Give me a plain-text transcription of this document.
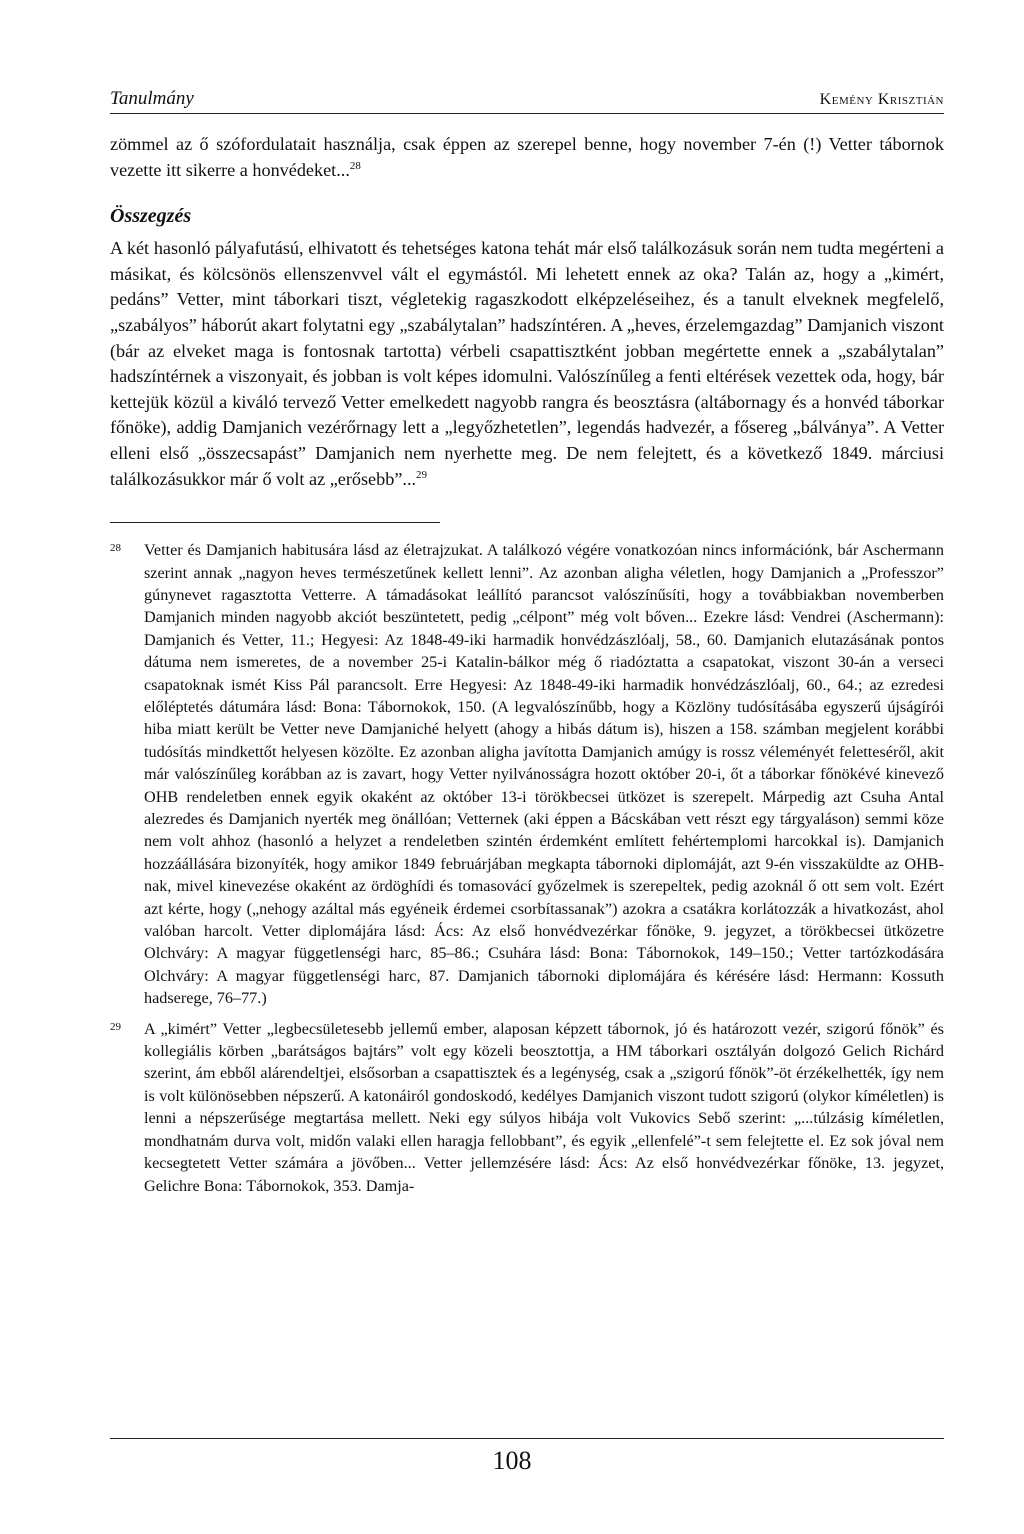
Tanulmány	Kemény Krisztián

zömmel az ő szófordulatait használja, csak éppen az szerepel benne, hogy november 7-én (!) Vetter tábornok vezette itt sikerre a honvédeket...$^{28}$

Összegzés

A két hasonló pályafutású, elhivatott és tehetséges katona tehát már első találkozásuk során nem tudta megérteni a másikat, és kölcsönös ellenszenvvel vált el egymástól. Mi lehetett ennek az oka? Talán az, hogy a „kimért, pedáns” Vetter, mint táborkari tiszt, végletekig ragaszkodott elképzeléseihez, és a tanult elveknek megfelelő, „szabályos” háborút akart folytatni egy „szabálytalan” hadszíntéren. A „heves, érzelemgazdag” Damjanich viszont (bár az elveket maga is fontosnak tartotta) vérbeli csapattisztként jobban megértette ennek a „szabálytalan” hadszíntérnek a viszonyait, és jobban is volt képes idomulni. Valószínűleg a fenti eltérések vezettek oda, hogy, bár kettejük közül a kiváló tervező Vetter emelkedett nagyobb rangra és beosztásra (altábornagy és a honvéd táborkar főnöke), addig Damjanich vezérőrnagy lett a „legyőzhetetlen”, legendás hadvezér, a fősereg „bálványa”. A Vetter elleni első „összecsapást” Damjanich nem nyerhette meg. De nem felejtett, és a következő 1849. márciusi találkozásukkor már ő volt az „erősebb”...$^{29}$

28	Vetter és Damjanich habitusára lásd az életrajzukat. A találkozó végére vonatkozóan nincs információnk, bár Aschermann szerint annak „nagyon heves természetűnek kellett lenni”. Az azonban aligha véletlen, hogy Damjanich a „Professzor” gúnynevet ragasztotta Vetterre. A támadásokat leállító parancsot valószínűsíti, hogy a továbbiakban novemberben Damjanich minden nagyobb akciót beszüntetett, pedig „célpont” még volt bőven... Ezekre lásd: Vendrei (Aschermann): Damjanich és Vetter, 11.; Hegyesi: Az 1848-49-iki harmadik honvédzászlóalj, 58., 60. Damjanich elutazásának pontos dátuma nem ismeretes, de a november 25-i Katalin-bálkor még ő riadóztatta a csapatokat, viszont 30-án a verseci csapatoknak ismét Kiss Pál parancsolt. Erre Hegyesi: Az 1848-49-iki harmadik honvédzászlóalj, 60., 64.; az ezredesi előléptetés dátumára lásd: Bona: Tábornokok, 150. (A legvalószínűbb, hogy a Közlöny tudósításába egyszerű újságírói hiba miatt került be Vetter neve Damjaniché helyett (ahogy a hibás dátum is), hiszen a 158. számban megjelent korábbi tudósítás mindkettőt helyesen közölte. Ez azonban aligha javította Damjanich amúgy is rossz véleményét feletteséről, akit már valószínűleg korábban az is zavart, hogy Vetter nyilvánosságra hozott október 20-i, őt a táborkar főnökévé kinevező OHB rendeletben ennek egyik okaként az október 13-i törökbecsei ütközet is szerepelt. Márpedig azt Csuha Antal alezredes és Damjanich nyerték meg önállóan; Vetternek (aki éppen a Bácskában vett részt egy tárgyaláson) semmi köze nem volt ahhoz (hasonló a helyzet a rendeletben szintén érdemként említett fehértemplomi harcokkal is). Damjanich hozzáállására bizonyíték, hogy amikor 1849 februárjában megkapta tábornoki diplomáját, azt 9-én visszaküldte az OHB-nak, mivel kinevezése okaként az ördöghídi és tomasovácí győzelmek is szerepeltek, pedig azoknál ő ott sem volt. Ezért azt kérte, hogy („nehogy azáltal más egyéneik érdemei csorbítassanak”) azokra a csatákra korlátozzák a hivatkozást, ahol valóban harcolt. Vetter diplomájára lásd: Ács: Az első honvédvezérkar főnöke, 9. jegyzet, a törökbecsei ütközetre Olchváry: A magyar függetlenségi harc, 85–86.; Csuhára lásd: Bona: Tábornokok, 149–150.; Vetter tartózkodására Olchváry: A magyar függetlenségi harc, 87. Damjanich tábornoki diplomájára és kérésére lásd: Hermann: Kossuth hadserege, 76–77.)
29	A „kimért” Vetter „legbecsületesebb jellemű ember, alaposan képzett tábornok, jó és határozott vezér, szigorú főnök” és kollegiális körben „barátságos bajtárs” volt egy közeli beosztottja, a HM táborkari osztályán dolgozó Gelich Richárd szerint, ám ebből alárendeltjei, elsősorban a csapattisztek és a legénység, csak a „szigorú főnök”-öt érzékelhették, így nem is volt különösebben népszerű. A katonáiról gondoskodó, kedélyes Damjanich viszont tudott szigorú (olykor kíméletlen) is lenni a népszerűsége megtartása mellett. Neki egy súlyos hibája volt Vukovics Sebő szerint: „...túlzásig kíméletlen, mondhatnám durva volt, midőn valaki ellen haragja fellobbant”, és egyik „ellenfelé”-t sem felejtette el. Ez sok jóval nem kecsegtetett Vetter számára a jövőben... Vetter jellemzésére lásd: Ács: Az első honvédvezérkar főnöke, 13. jegyzet, Gelichre Bona: Tábornokok, 353. Damja-
108
